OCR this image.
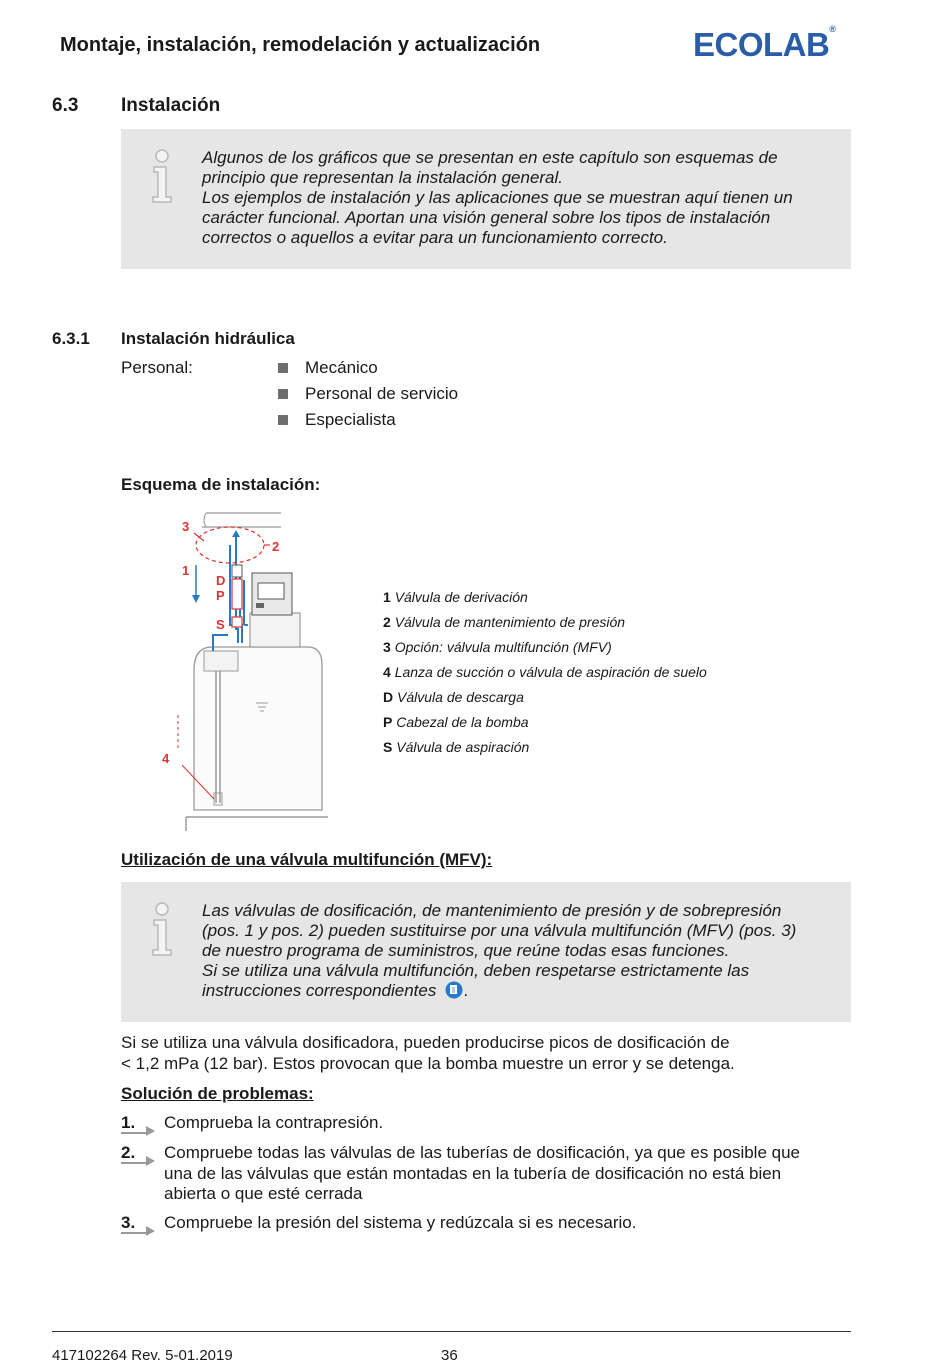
Montaje, instalación, remodelación y actualización	ECOLAB®
6.3 Instalación
Algunos de los gráficos que se presentan en este capítulo son esquemas de
principio que representan la instalación general.
Los ejemplos de instalación y las aplicaciones que se muestran aquí tienen un
carácter funcional. Aportan una visión general sobre los tipos de instalación
correctos o aquellos a evitar para un funcionamiento correcto.
6.3.1 Instalación hidráulica
Personal:	Mecánico
Personal de servicio
Especialista
Esquema de instalación:
3
2
1
D
P
S
4
1 Válvula de derivación
2 Válvula de mantenimiento de presión
3 Opción: válvula multifunción (MFV)
4 Lanza de succión o válvula de aspiración de suelo
D Válvula de descarga
P Cabezal de la bomba
S Válvula de aspiración
Utilización de una válvula multifunción (MFV):
Las válvulas de dosificación, de mantenimiento de presión y de sobrepresión
(pos. 1 y pos. 2) pueden sustituirse por una válvula multifunción (MFV) (pos. 3)
de nuestro programa de suministros, que reúne todas esas funciones.
Si se utiliza una válvula multifunción, deben respetarse estrictamente las
instrucciones correspondientes .
Si se utiliza una válvula dosificadora, pueden producirse picos de dosificación de
< 1,2 mPa (12 bar). Estos provocan que la bomba muestre un error y se detenga.
Solución de problemas:
1. Comprueba la contrapresión.
2. Compruebe todas las válvulas de las tuberías de dosificación, ya que es posible que
una de las válvulas que están montadas en la tubería de dosificación no está bien
abierta o que esté cerrada
3. Compruebe la presión del sistema y redúzcala si es necesario.
417102264 Rev. 5-01.2019	36
